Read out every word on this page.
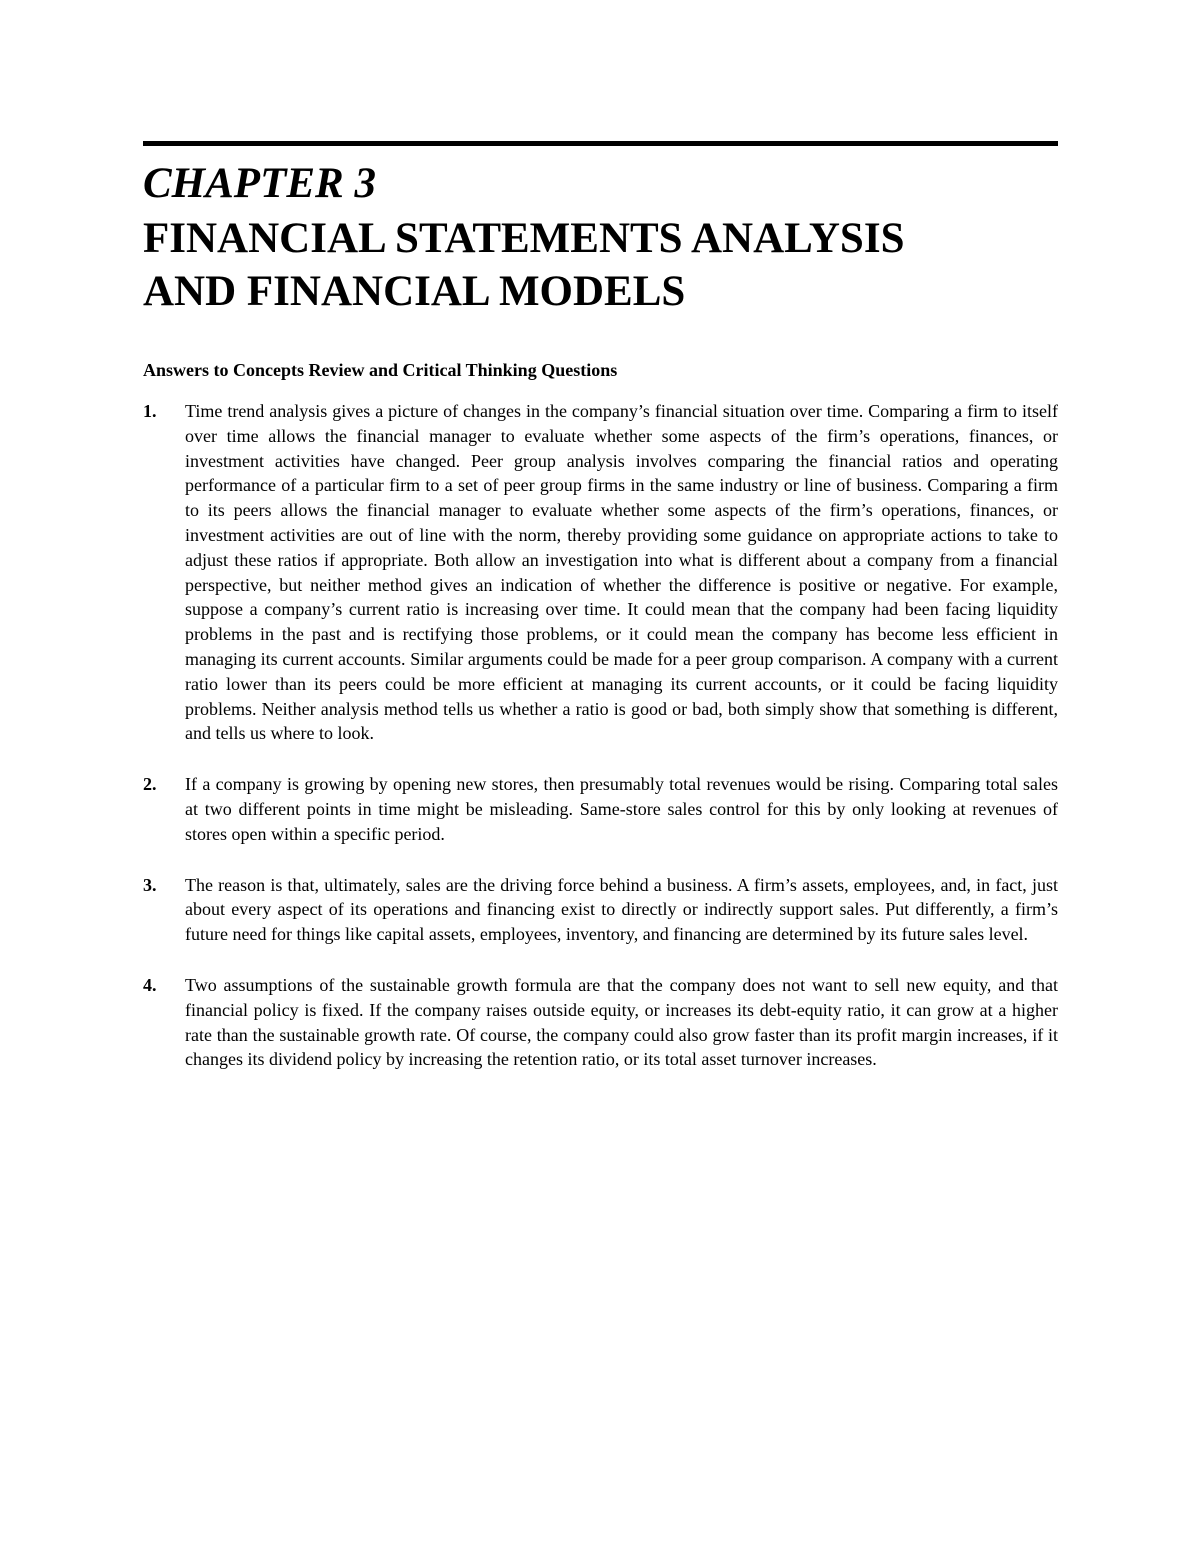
CHAPTER 3
FINANCIAL STATEMENTS ANALYSIS
AND FINANCIAL MODELS
Answers to Concepts Review and Critical Thinking Questions
1. Time trend analysis gives a picture of changes in the company’s financial situation over time. Comparing a firm to itself over time allows the financial manager to evaluate whether some aspects of the firm’s operations, finances, or investment activities have changed. Peer group analysis involves comparing the financial ratios and operating performance of a particular firm to a set of peer group firms in the same industry or line of business. Comparing a firm to its peers allows the financial manager to evaluate whether some aspects of the firm’s operations, finances, or investment activities are out of line with the norm, thereby providing some guidance on appropriate actions to take to adjust these ratios if appropriate. Both allow an investigation into what is different about a company from a financial perspective, but neither method gives an indication of whether the difference is positive or negative. For example, suppose a company’s current ratio is increasing over time. It could mean that the company had been facing liquidity problems in the past and is rectifying those problems, or it could mean the company has become less efficient in managing its current accounts. Similar arguments could be made for a peer group comparison. A company with a current ratio lower than its peers could be more efficient at managing its current accounts, or it could be facing liquidity problems. Neither analysis method tells us whether a ratio is good or bad, both simply show that something is different, and tells us where to look.
2. If a company is growing by opening new stores, then presumably total revenues would be rising. Comparing total sales at two different points in time might be misleading. Same-store sales control for this by only looking at revenues of stores open within a specific period.
3. The reason is that, ultimately, sales are the driving force behind a business. A firm’s assets, employees, and, in fact, just about every aspect of its operations and financing exist to directly or indirectly support sales. Put differently, a firm’s future need for things like capital assets, employees, inventory, and financing are determined by its future sales level.
4. Two assumptions of the sustainable growth formula are that the company does not want to sell new equity, and that financial policy is fixed. If the company raises outside equity, or increases its debt-equity ratio, it can grow at a higher rate than the sustainable growth rate. Of course, the company could also grow faster than its profit margin increases, if it changes its dividend policy by increasing the retention ratio, or its total asset turnover increases.
